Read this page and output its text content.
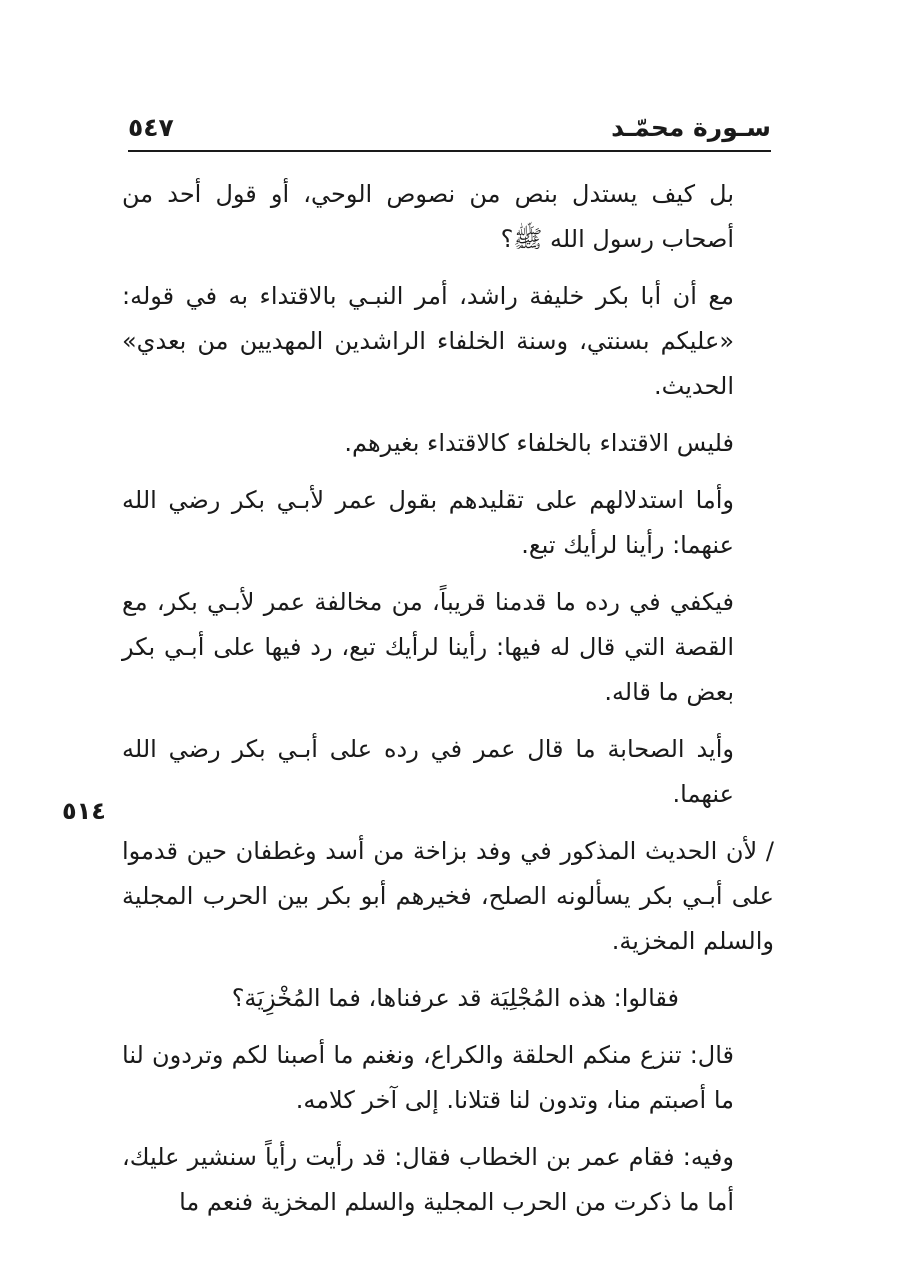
سـورة محمّـد
٥٤٧
٥١٤

بل كيف يستدل بنص من نصوص الوحي، أو قول أحد من أصحاب رسول الله ﷺ؟

مع أن أبا بكر خليفة راشد، أمر النبـي بالاقتداء به في قوله: «عليكم بسنتي، وسنة الخلفاء الراشدين المهديين من بعدي» الحديث.

فليس الاقتداء بالخلفاء كالاقتداء بغيرهم.

وأما استدلالهم على تقليدهم بقول عمر لأبـي بكر رضي الله عنهما: رأينا لرأيك تبع.

فيكفي في رده ما قدمنا قريباً، من مخالفة عمر لأبـي بكر، مع القصة التي قال له فيها: رأينا لرأيك تبع، رد فيها على أبـي بكر بعض ما قاله.

وأيد الصحابة ما قال عمر في رده على أبـي بكر رضي الله عنهما.

/ لأن الحديث المذكور في وفد بزاخة من أسد وغطفان حين قدموا على أبـي بكر يسألونه الصلح، فخيرهم أبو بكر بين الحرب المجلية والسلم المخزية.

فقالوا: هذه المُجْلِيَة قد عرفناها، فما المُخْزِيَة؟

قال: تنزع منكم الحلقة والكراع، ونغنم ما أصبنا لكم وتردون لنا ما أصبتم منا، وتدون لنا قتلانا. إلى آخر كلامه.

وفيه: فقام عمر بن الخطاب فقال: قد رأيت رأياً سنشير عليك، أما ما ذكرت من الحرب المجلية والسلم المخزية فنعم ما
